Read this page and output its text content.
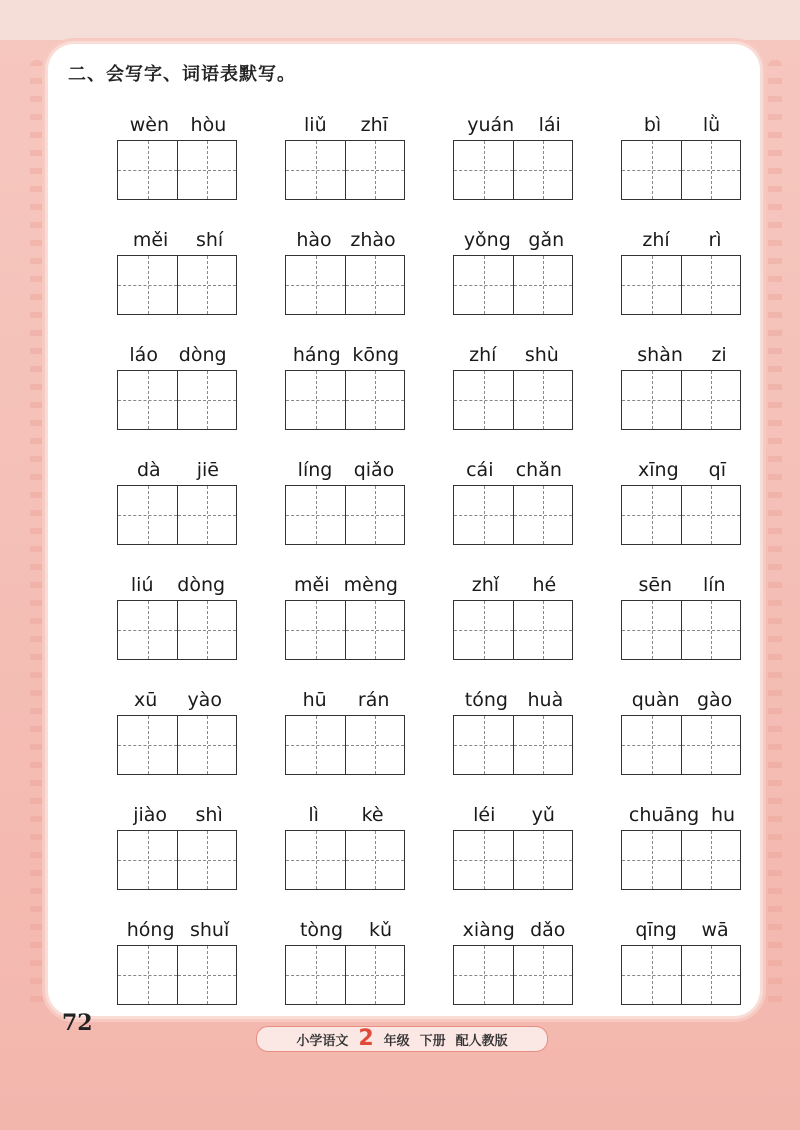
二、会写字、词语表默写。
wèn hòu	liǔ zhī	yuán lái	bì lǜ
měi shí	hào zhào	yǒng gǎn	zhí rì
láo dòng	háng kōng	zhí shù	shàn zi
dà jiē	líng qiǎo	cái chǎn	xīng qī
liú dòng	měi mèng	zhǐ hé	sēn lín
xū yào	hū rán	tóng huà	quàn gào
jiào shì	lì kè	léi yǔ	chuāng hu
hóng shuǐ	tòng kǔ	xiàng dǎo	qīng wā
72
小学语文 2 年级 下册 配人教版
